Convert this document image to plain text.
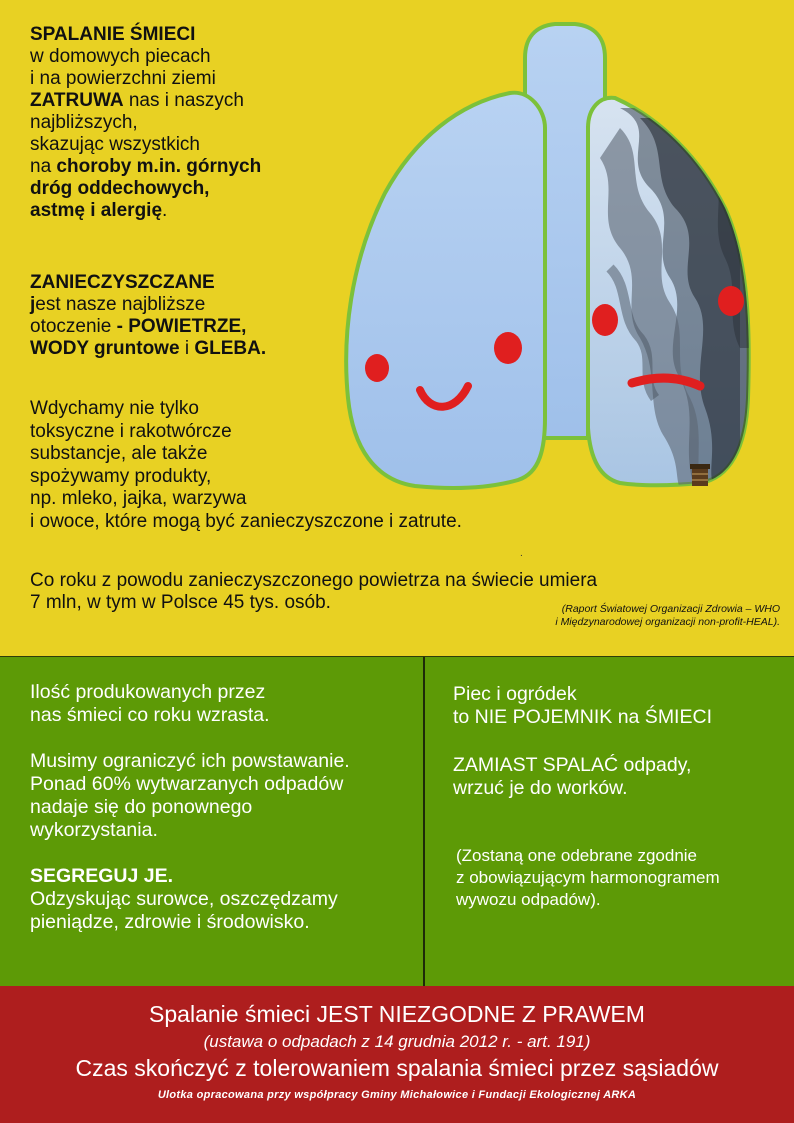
SPALANIE ŚMIECI

w domowych piecach

i na powierzchni ziemi

ZATRUWA nas i naszych

najbliższych,

skazując wszystkich

na choroby m.in. górnych

dróg oddechowych,

astmę i alergię.

ZANIECZYSZCZANE

jest nasze najbliższe

otoczenie - POWIETRZE,

WODY gruntowe i GLEBA.

Wdychamy nie tylko

toksyczne i rakotwórcze

substancje, ale także

spożywamy produkty,

np. mleko, jajka, warzywa

i owoce, które mogą być zanieczyszczone i zatrute.

.

Co roku z powodu zanieczyszczonego powietrza na świecie umiera

7 mln, w tym w Polsce 45 tys. osób.	(Raport Światowej Organizacji Zdrowia – WHO

i Międzynarodowej organizacji non-profit-HEAL).

Ilość produkowanych przez

nas śmieci co roku wzrasta.

Musimy ograniczyć ich powstawanie.

Ponad 60% wytwarzanych odpadów

nadaje się do ponownego

wykorzystania.

SEGREGUJ JE.

Odzyskując surowce, oszczędzamy

pieniądze, zdrowie i środowisko.

Piec i ogródek

to NIE POJEMNIK na ŚMIECI

ZAMIAST SPALAĆ odpady,

wrzuć je do worków.

(Zostaną one odebrane zgodnie

z obowiązującym harmonogramem

wywozu odpadów).

Spalanie śmieci JEST NIEZGODNE Z PRAWEM
(ustawa o odpadach z 14 grudnia 2012 r. - art. 191)
Czas skończyć z tolerowaniem spalania śmieci przez sąsiadów
Ulotka opracowana przy współpracy Gminy Michałowice i Fundacji Ekologicznej ARKA
